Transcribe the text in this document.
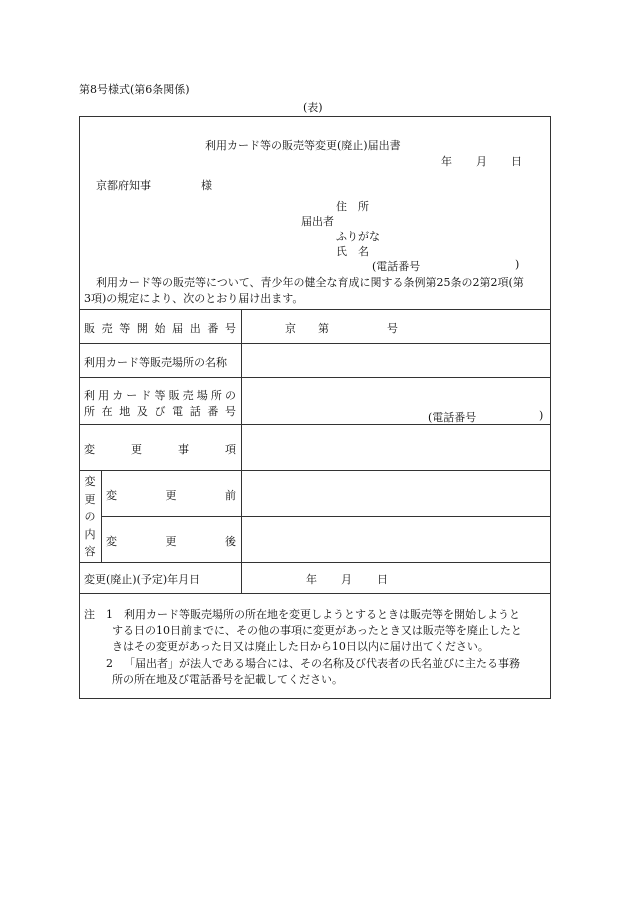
第8号様式(第6条関係)
(表)
利用カード等の販売等変更(廃止)届出書
年 月 日
京都府知事	様
住　所
届出者
ふりがな
氏　名
(電話番号	)
利用カード等の販売等について、青少年の健全な育成に関する条例第25条の2第2項(第
3項)の規定により、次のとおり届け出ます。
販 売 等 開 始 届 出 番 号	京 第	号
利用カード等販売場所の名称
利 用 カ ー ド 等 販 売 場 所 の
所 在 地 及 び 電 話 番 号	(電話番号	)
変	更	事	項
変
更
の
内
容
変	更	前
変	更	後
変更(廃止)(予定)年月日	年 月 日
注 1 利用カード等販売場所の所在地を変更しようとするときは販売等を開始しようと
する日の10日前までに、その他の事項に変更があったとき又は販売等を廃止したと
きはその変更があった日又は廃止した日から10日以内に届け出てください。
2 「届出者」が法人である場合には、その名称及び代表者の氏名並びに主たる事務
所の所在地及び電話番号を記載してください。
